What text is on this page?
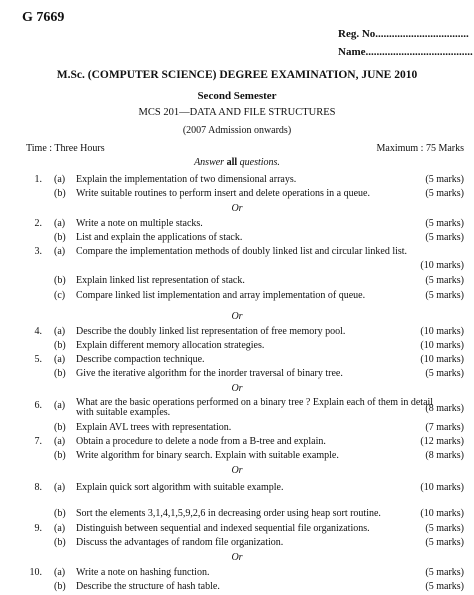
G 7669
Reg. No..................................
Name.......................................
M.Sc. (COMPUTER SCIENCE) DEGREE EXAMINATION, JUNE 2010
Second Semester
MCS 201—DATA AND FILE STRUCTURES
(2007 Admission onwards)
Time : Three Hours	Maximum : 75 Marks
Answer all questions.
1. (a) Explain the implementation of two dimensional arrays.	(5 marks)
(b) Write suitable routines to perform insert and delete operations in a queue.	(5 marks)
Or
2. (a) Write a note on multiple stacks.	(5 marks)
(b) List and explain the applications of stack.	(5 marks)
3. (a) Compare the implementation methods of doubly linked list and circular linked list.
(10 marks)
(b) Explain linked list representation of stack.	(5 marks)
(c) Compare linked list implementation and array implementation of queue.	(5 marks)
Or
4. (a) Describe the doubly linked list representation of free memory pool.	(10 marks)
(b) Explain different memory allocation strategies.	(10 marks)
5. (a) Describe compaction technique.	(10 marks)
(b) Give the iterative algorithm for the inorder traversal of binary tree.	(5 marks)
Or
6. (a) What are the basic operations performed on a binary tree ? Explain each of them in detail
with suitable examples.	(8 marks)
(b) Explain AVL trees with representation.	(7 marks)
7. (a) Obtain a procedure to delete a node from a B-tree and explain.	(12 marks)
(b) Write algorithm for binary search. Explain with suitable example.	(8 marks)
Or
8. (a) Explain quick sort algorithm with suitable example.	(10 marks)
(b) Sort the elements 3,1,4,1,5,9,2,6 in decreasing order using heap sort routine.	(10 marks)
9. (a) Distinguish between sequential and indexed sequential file organizations.	(5 marks)
(b) Discuss the advantages of random file organization.	(5 marks)
Or
10. (a) Write a note on hashing function.	(5 marks)
(b) Describe the structure of hash table.	(5 marks)
